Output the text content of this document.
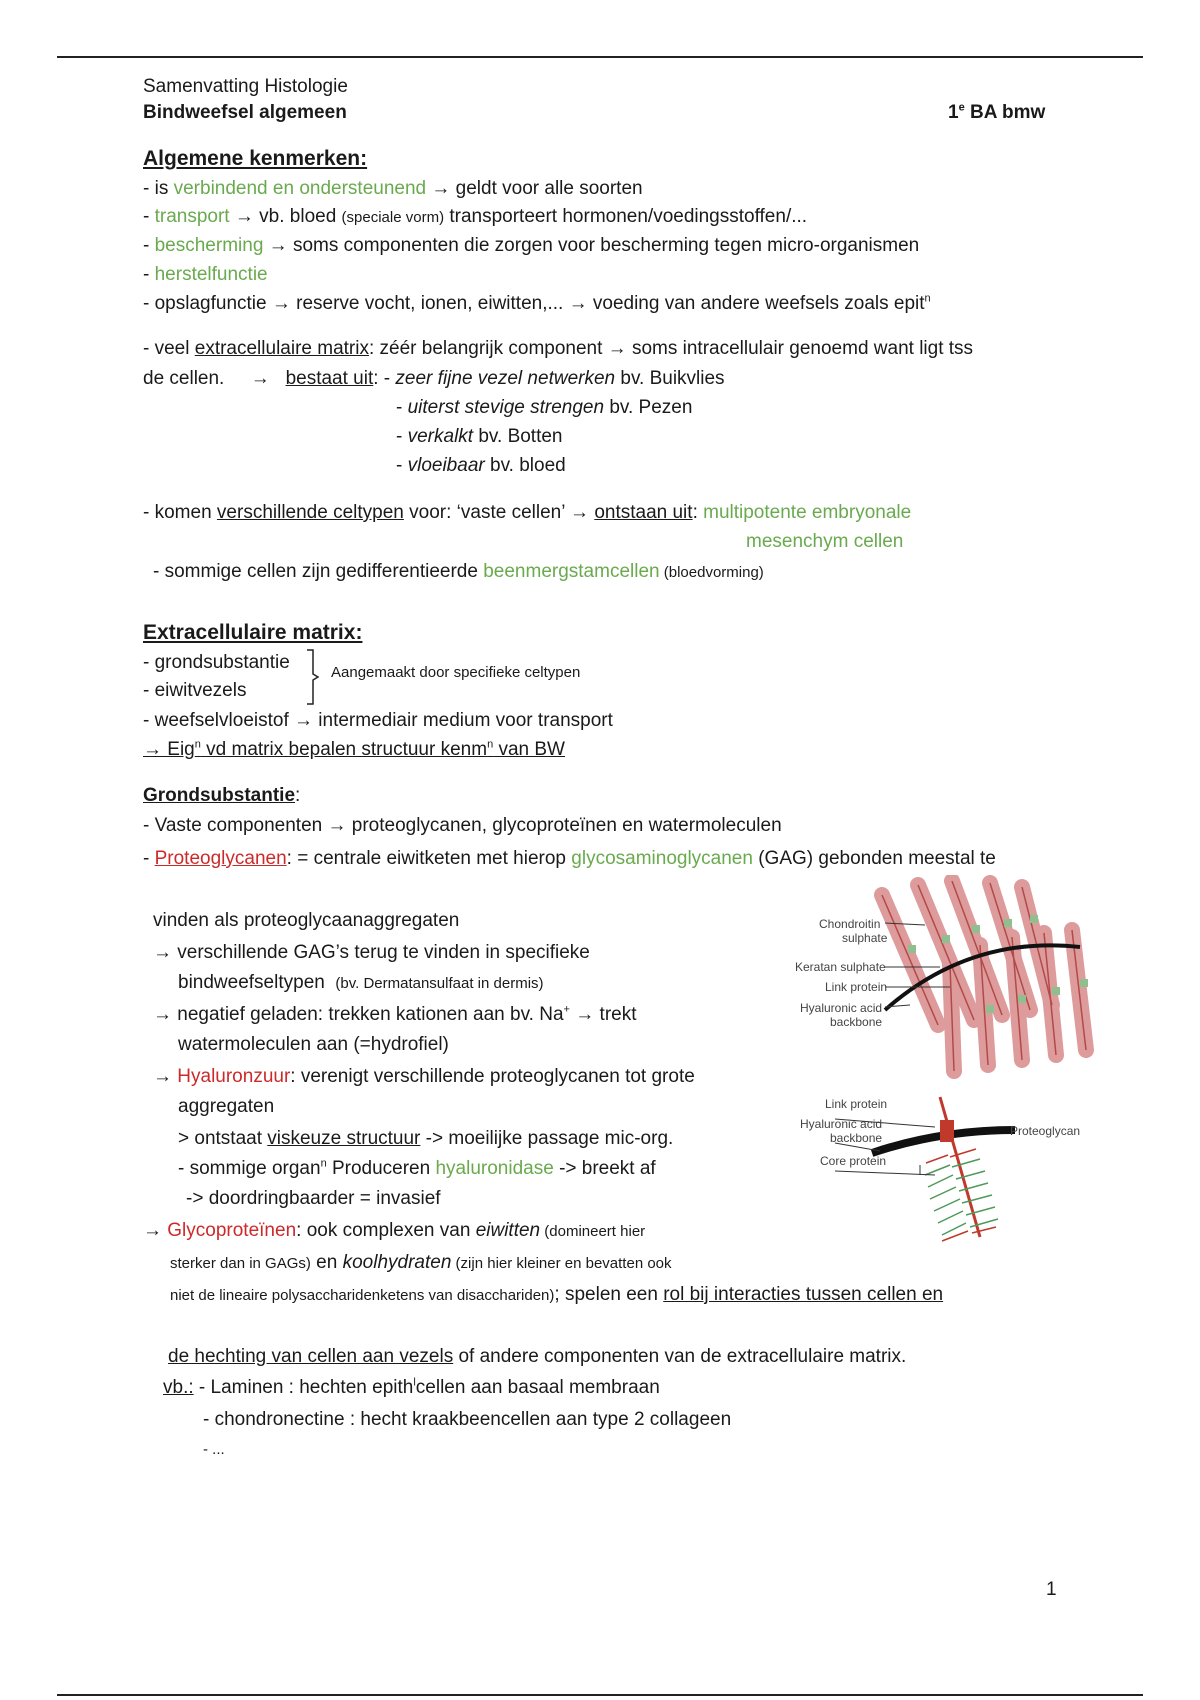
Samenvatting Histologie
Bindweefsel algemeen	1e BA bmw
Algemene kenmerken:
- is verbindend en ondersteunend → geldt voor alle soorten
- transport → vb. bloed (speciale vorm) transporteert hormonen/voedingsstoffen/...
- bescherming → soms componenten die zorgen voor bescherming tegen micro-organismen
- herstelfunctie
- opslagfunctie → reserve vocht, ionen, eiwitten,... → voeding van andere weefsels zoals epit$^n$
- veel extracellulaire matrix: zéér belangrijk component → soms intracellulair genoemd want ligt tss
de cellen.     →   bestaat uit: - zeer fijne vezel netwerken bv. Buikvlies
- uiterst stevige strengen bv. Pezen
- verkalkt bv. Botten
- vloeibaar bv. bloed
- komen verschillende celtypen voor: ‘vaste cellen’ → ontstaan uit: multipotente embryonale
mesenchym cellen
- sommige cellen zijn gedifferentieerde beenmergstamcellen (bloedvorming)
Extracellulaire matrix:
- grondsubstantie
- eiwitvezels
Aangemaakt door specifieke celtypen
- weefselvloeistof → intermediair medium voor transport
→ Eig$^n$ vd matrix bepalen structuur kenm$^n$ van BW
Grondsubstantie:
- Vaste componenten → proteoglycanen, glycoproteïnen en watermoleculen
- Proteoglycanen: = centrale eiwitketen met hierop glycosaminoglycanen (GAG) gebonden meestal te
vinden als proteoglycaanaggregaten
→ verschillende GAG’s terug te vinden in specifieke
bindweefseltypen  (bv. Dermatansulfaat in dermis)
→ negatief geladen: trekken kationen aan bv. Na+ → trekt
watermoleculen aan (=hydrofiel)
→ Hyaluronzuur: verenigt verschillende proteoglycanen tot grote
aggregaten
> ontstaat viskeuze structuur -> moeilijke passage mic-org.
- sommige organ$^n$ Produceren hyaluronidase -> breekt af
-> doordringbaarder = invasief
→ Glycoproteïnen: ook complexen van eiwitten (domineert hier
sterker dan in GAGs) en koolhydraten (zijn hier kleiner en bevatten ook
niet de lineaire polysaccharidenketens van disacchariden); spelen een rol bij interacties tussen cellen en
de hechting van cellen aan vezels of andere componenten van de extracellulaire matrix.
vb.: - Laminen : hechten epith$^l$cellen aan basaal membraan
- chondronectine : hecht kraakbeencellen aan type 2 collageen
- ...
Chondroitin
sulphate
Keratan sulphate
Link protein
Hyaluronic acid
backbone
Link protein
Hyaluronic acid
backbone
Core protein
Proteoglycan
1
